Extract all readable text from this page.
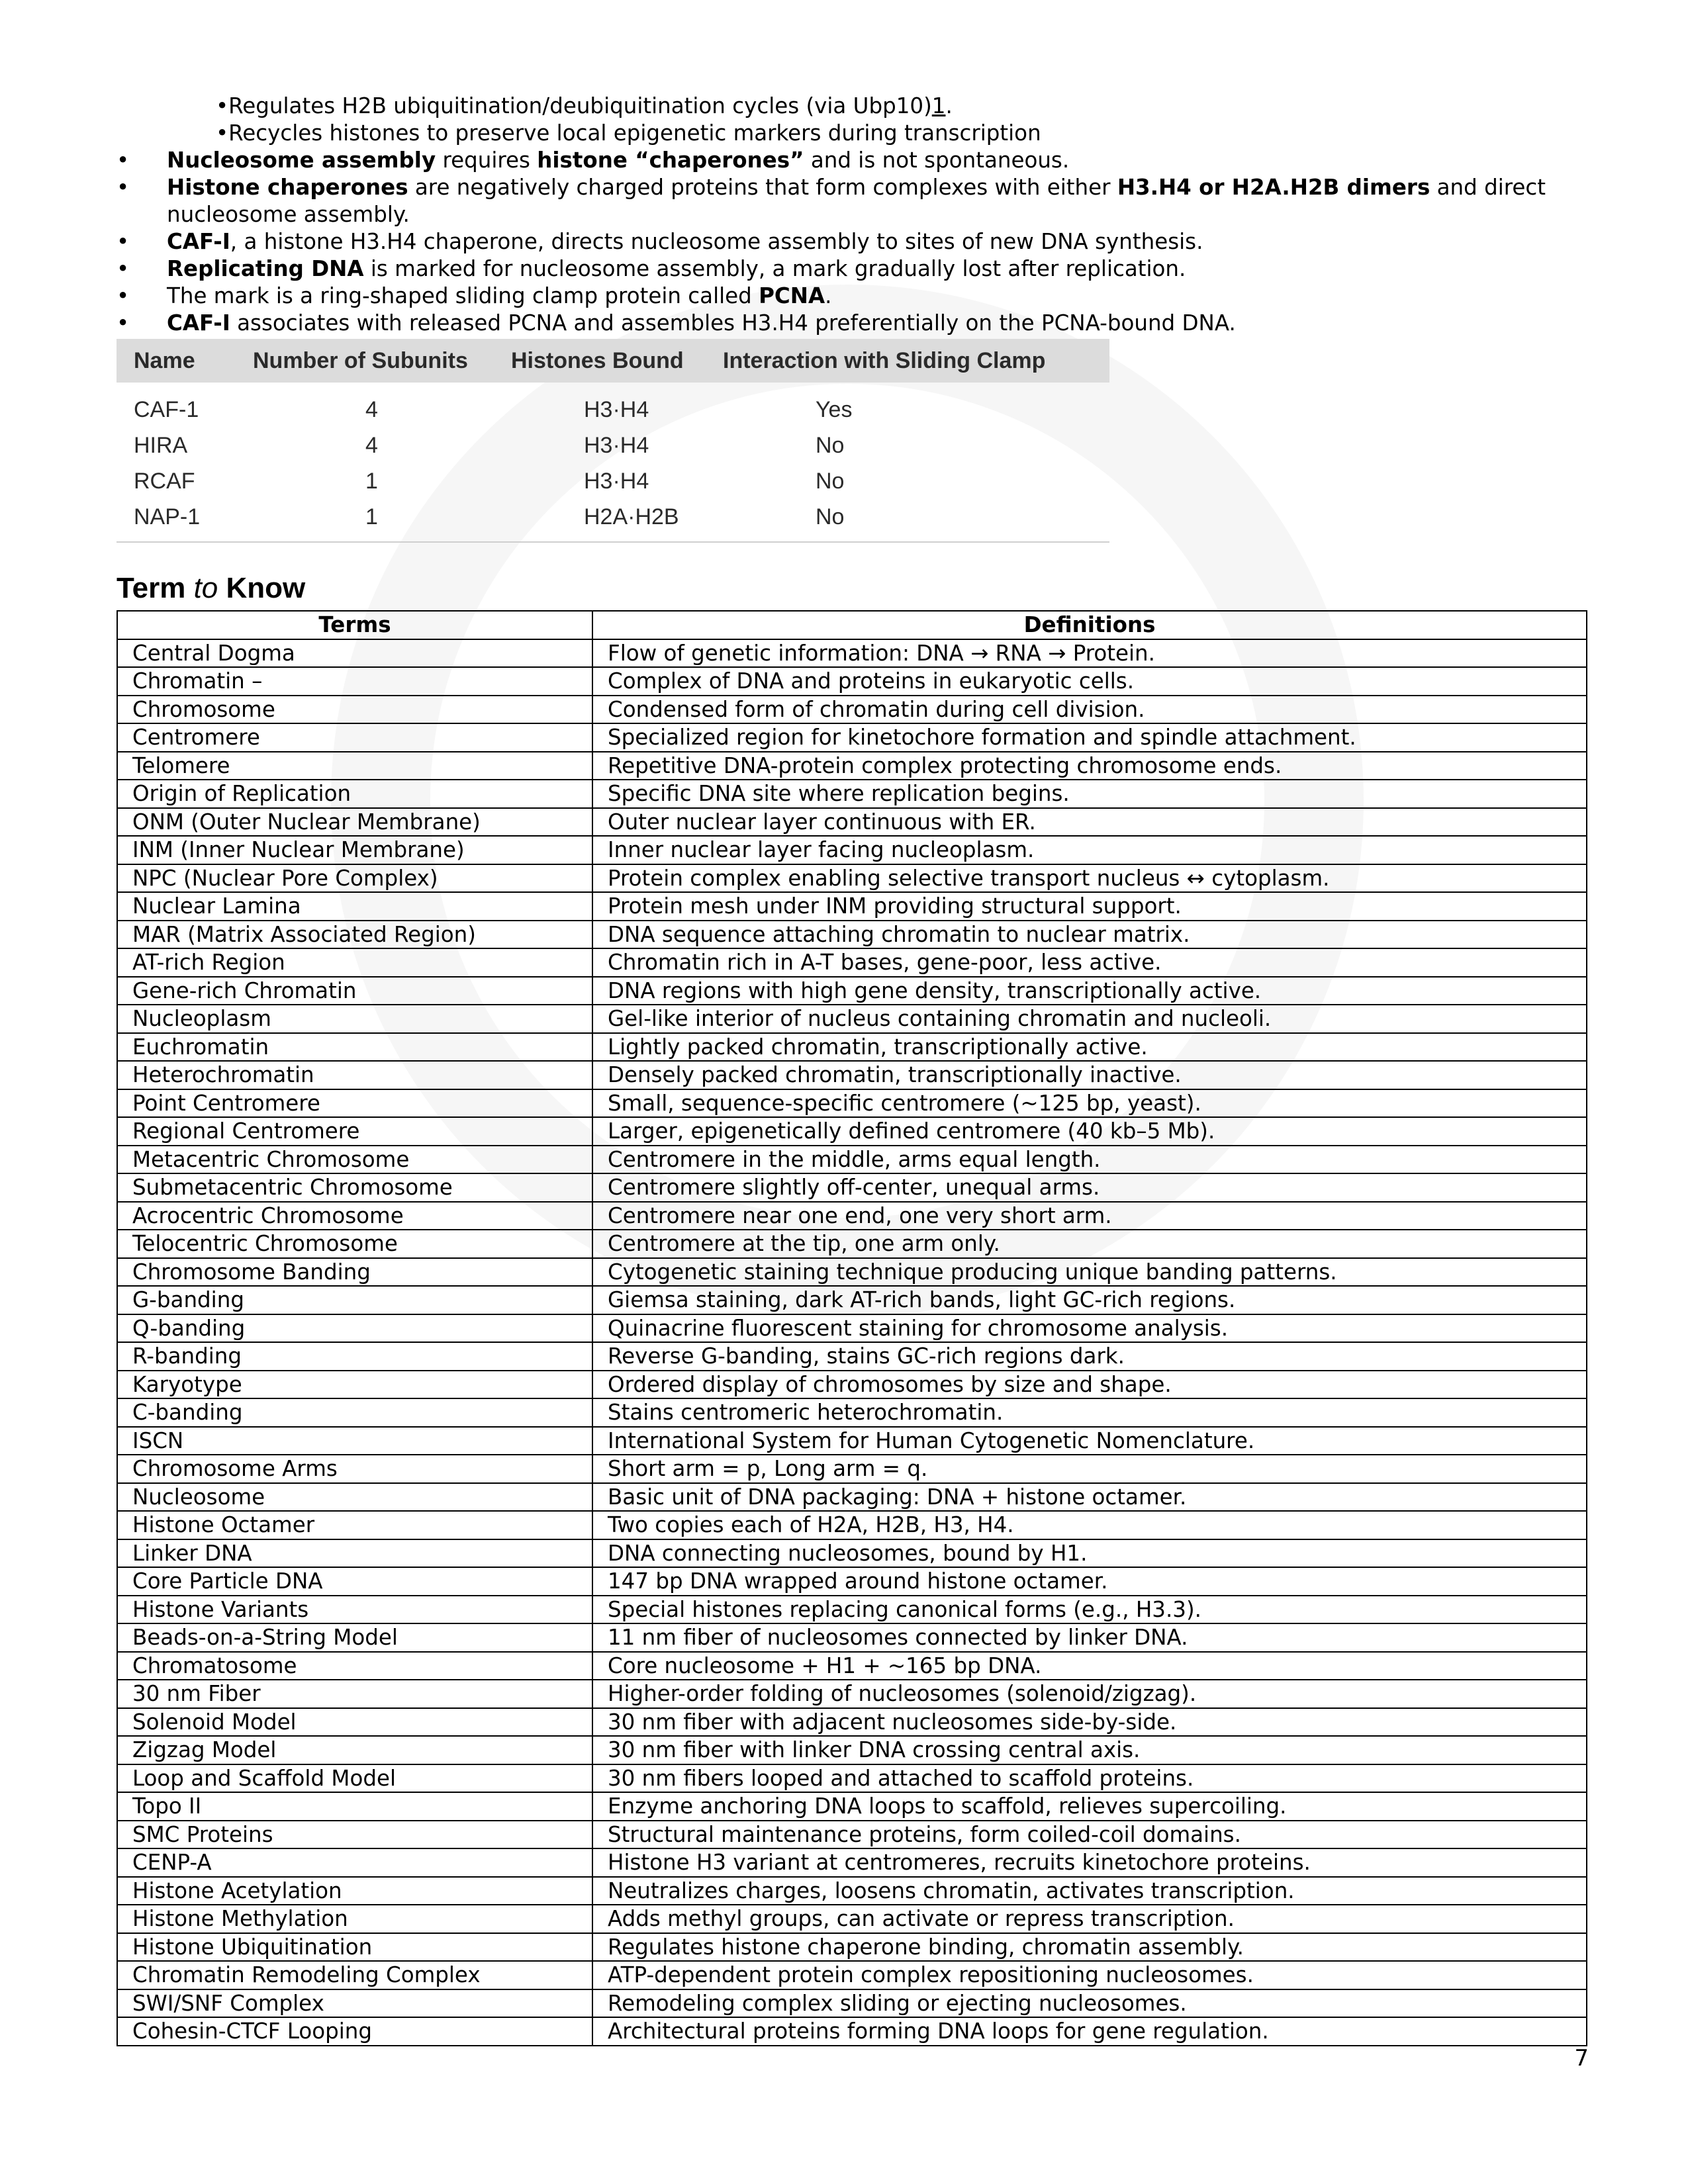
•Regulates H2B ubiquitination/deubiquitination cycles (via Ubp10)1.
•Recycles histones to preserve local epigenetic markers during transcription
• Nucleosome assembly requires histone “chaperones” and is not spontaneous.
• Histone chaperones are negatively charged proteins that form complexes with either H3.H4 or H2A.H2B dimers and direct
nucleosome assembly.
• CAF-I, a histone H3.H4 chaperone, directs nucleosome assembly to sites of new DNA synthesis.
• Replicating DNA is marked for nucleosome assembly, a mark gradually lost after replication.
• The mark is a ring-shaped sliding clamp protein called PCNA.
• CAF-I associates with released PCNA and assembles H3.H4 preferentially on the PCNA-bound DNA.
Name	Number of Subunits	Histones Bound	Interaction with Sliding Clamp
CAF-1	4	H3·H4	Yes
HIRA	4	H3·H4	No
RCAF	1	H3·H4	No
NAP-1	1	H2A·H2B	No
Term to Know
Terms	Definitions
Central Dogma	Flow of genetic information: DNA → RNA → Protein.
Chromatin –	Complex of DNA and proteins in eukaryotic cells.
Chromosome	Condensed form of chromatin during cell division.
Centromere	Specialized region for kinetochore formation and spindle attachment.
Telomere	Repetitive DNA-protein complex protecting chromosome ends.
Origin of Replication	Specific DNA site where replication begins.
ONM (Outer Nuclear Membrane)	Outer nuclear layer continuous with ER.
INM (Inner Nuclear Membrane)	Inner nuclear layer facing nucleoplasm.
NPC (Nuclear Pore Complex)	Protein complex enabling selective transport nucleus ↔ cytoplasm.
Nuclear Lamina	Protein mesh under INM providing structural support.
MAR (Matrix Associated Region)	DNA sequence attaching chromatin to nuclear matrix.
AT-rich Region	Chromatin rich in A-T bases, gene-poor, less active.
Gene-rich Chromatin	DNA regions with high gene density, transcriptionally active.
Nucleoplasm	Gel-like interior of nucleus containing chromatin and nucleoli.
Euchromatin	Lightly packed chromatin, transcriptionally active.
Heterochromatin	Densely packed chromatin, transcriptionally inactive.
Point Centromere	Small, sequence-specific centromere (~125 bp, yeast).
Regional Centromere	Larger, epigenetically defined centromere (40 kb–5 Mb).
Metacentric Chromosome	Centromere in the middle, arms equal length.
Submetacentric Chromosome	Centromere slightly off-center, unequal arms.
Acrocentric Chromosome	Centromere near one end, one very short arm.
Telocentric Chromosome	Centromere at the tip, one arm only.
Chromosome Banding	Cytogenetic staining technique producing unique banding patterns.
G-banding	Giemsa staining, dark AT-rich bands, light GC-rich regions.
Q-banding	Quinacrine fluorescent staining for chromosome analysis.
R-banding	Reverse G-banding, stains GC-rich regions dark.
Karyotype	Ordered display of chromosomes by size and shape.
C-banding	Stains centromeric heterochromatin.
ISCN	International System for Human Cytogenetic Nomenclature.
Chromosome Arms	Short arm = p, Long arm = q.
Nucleosome	Basic unit of DNA packaging: DNA + histone octamer.
Histone Octamer	Two copies each of H2A, H2B, H3, H4.
Linker DNA	DNA connecting nucleosomes, bound by H1.
Core Particle DNA	147 bp DNA wrapped around histone octamer.
Histone Variants	Special histones replacing canonical forms (e.g., H3.3).
Beads-on-a-String Model	11 nm fiber of nucleosomes connected by linker DNA.
Chromatosome	Core nucleosome + H1 + ~165 bp DNA.
30 nm Fiber	Higher-order folding of nucleosomes (solenoid/zigzag).
Solenoid Model	30 nm fiber with adjacent nucleosomes side-by-side.
Zigzag Model	30 nm fiber with linker DNA crossing central axis.
Loop and Scaffold Model	30 nm fibers looped and attached to scaffold proteins.
Topo II	Enzyme anchoring DNA loops to scaffold, relieves supercoiling.
SMC Proteins	Structural maintenance proteins, form coiled-coil domains.
CENP-A	Histone H3 variant at centromeres, recruits kinetochore proteins.
Histone Acetylation	Neutralizes charges, loosens chromatin, activates transcription.
Histone Methylation	Adds methyl groups, can activate or repress transcription.
Histone Ubiquitination	Regulates histone chaperone binding, chromatin assembly.
Chromatin Remodeling Complex	ATP-dependent protein complex repositioning nucleosomes.
SWI/SNF Complex	Remodeling complex sliding or ejecting nucleosomes.
Cohesin-CTCF Looping	Architectural proteins forming DNA loops for gene regulation.
7
